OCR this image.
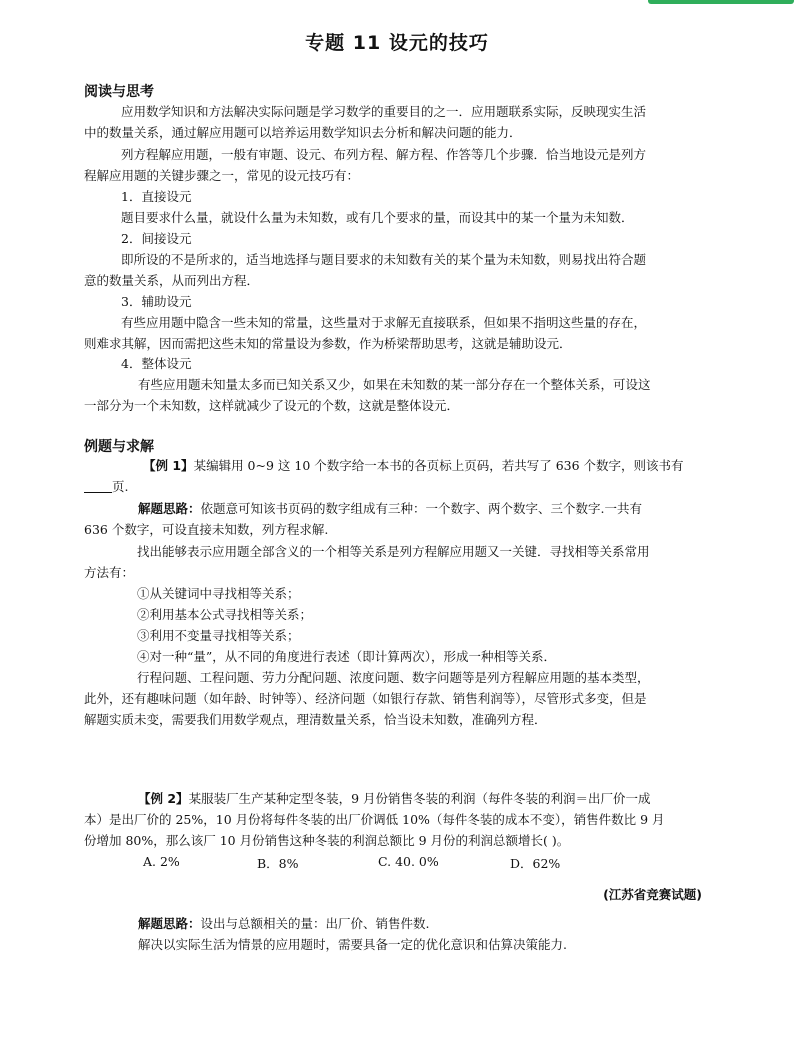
专题 11 设元的技巧
阅读与思考
应用数学知识和方法解决实际问题是学习数学的重要目的之一．应用题联系实际，反映现实生活
中的数量关系，通过解应用题可以培养运用数学知识去分析和解决问题的能力．
列方程解应用题，一般有审题、设元、布列方程、解方程、作答等几个步骤．恰当地设元是列方
程解应用题的关键步骤之一，常见的设元技巧有：
1．直接设元
题目要求什么量，就设什么量为未知数，或有几个要求的量，而设其中的某一个量为未知数．
2．间接设元
即所设的不是所求的，适当地选择与题目要求的未知数有关的某个量为未知数，则易找出符合题
意的数量关系，从而列出方程．
3．辅助设元
有些应用题中隐含一些未知的常量，这些量对于求解无直接联系，但如果不指明这些量的存在，
则难求其解，因而需把这些未知的常量设为参数，作为桥梁帮助思考，这就是辅助设元．
4．整体设元
有些应用题未知量太多而已知关系又少，如果在未知数的某一部分存在一个整体关系，可设这
一部分为一个未知数，这样就减少了设元的个数，这就是整体设元．
例题与求解
【例 1】某编辑用 0~9 这 10 个数字给一本书的各页标上页码，若共写了 636 个数字，则该书有
页.
解题思路：依题意可知该书页码的数字组成有三种：一个数字、两个数字、三个数字.一共有
636 个数字，可设直接未知数，列方程求解.
找出能够表示应用题全部含义的一个相等关系是列方程解应用题又一关键．寻找相等关系常用
方法有：
①从关键词中寻找相等关系；
②利用基本公式寻找相等关系；
③利用不变量寻找相等关系；
④对一种“量”，从不同的角度进行表述（即计算两次），形成一种相等关系．
行程问题、工程问题、劳力分配问题、浓度问题、数字问题等是列方程解应用题的基本类型，
此外，还有趣味问题（如年龄、时钟等）、经济问题（如银行存款、销售利润等），尽管形式多变，但是
解题实质未变，需要我们用数学观点，理清数量关系，恰当设未知数，准确列方程．
【例 2】某服装厂生产某种定型冬装，9 月份销售冬装的利润（每件冬装的利润＝出厂价一成
本）是出厂价的 25%，10 月份将每件冬装的出厂价调低 10%（每件冬装的成本不变），销售件数比 9 月
份增加 80%，那么该厂 10 月份销售这种冬装的利润总额比 9 月份的利润总额增长( )。
A. 2%	B．8%	C. 40. 0%	D．62%
(江苏省竞赛试题)
解题思路：设出与总额相关的量：出厂价、销售件数.
解决以实际生活为情景的应用题时，需要具备一定的优化意识和估算决策能力.
